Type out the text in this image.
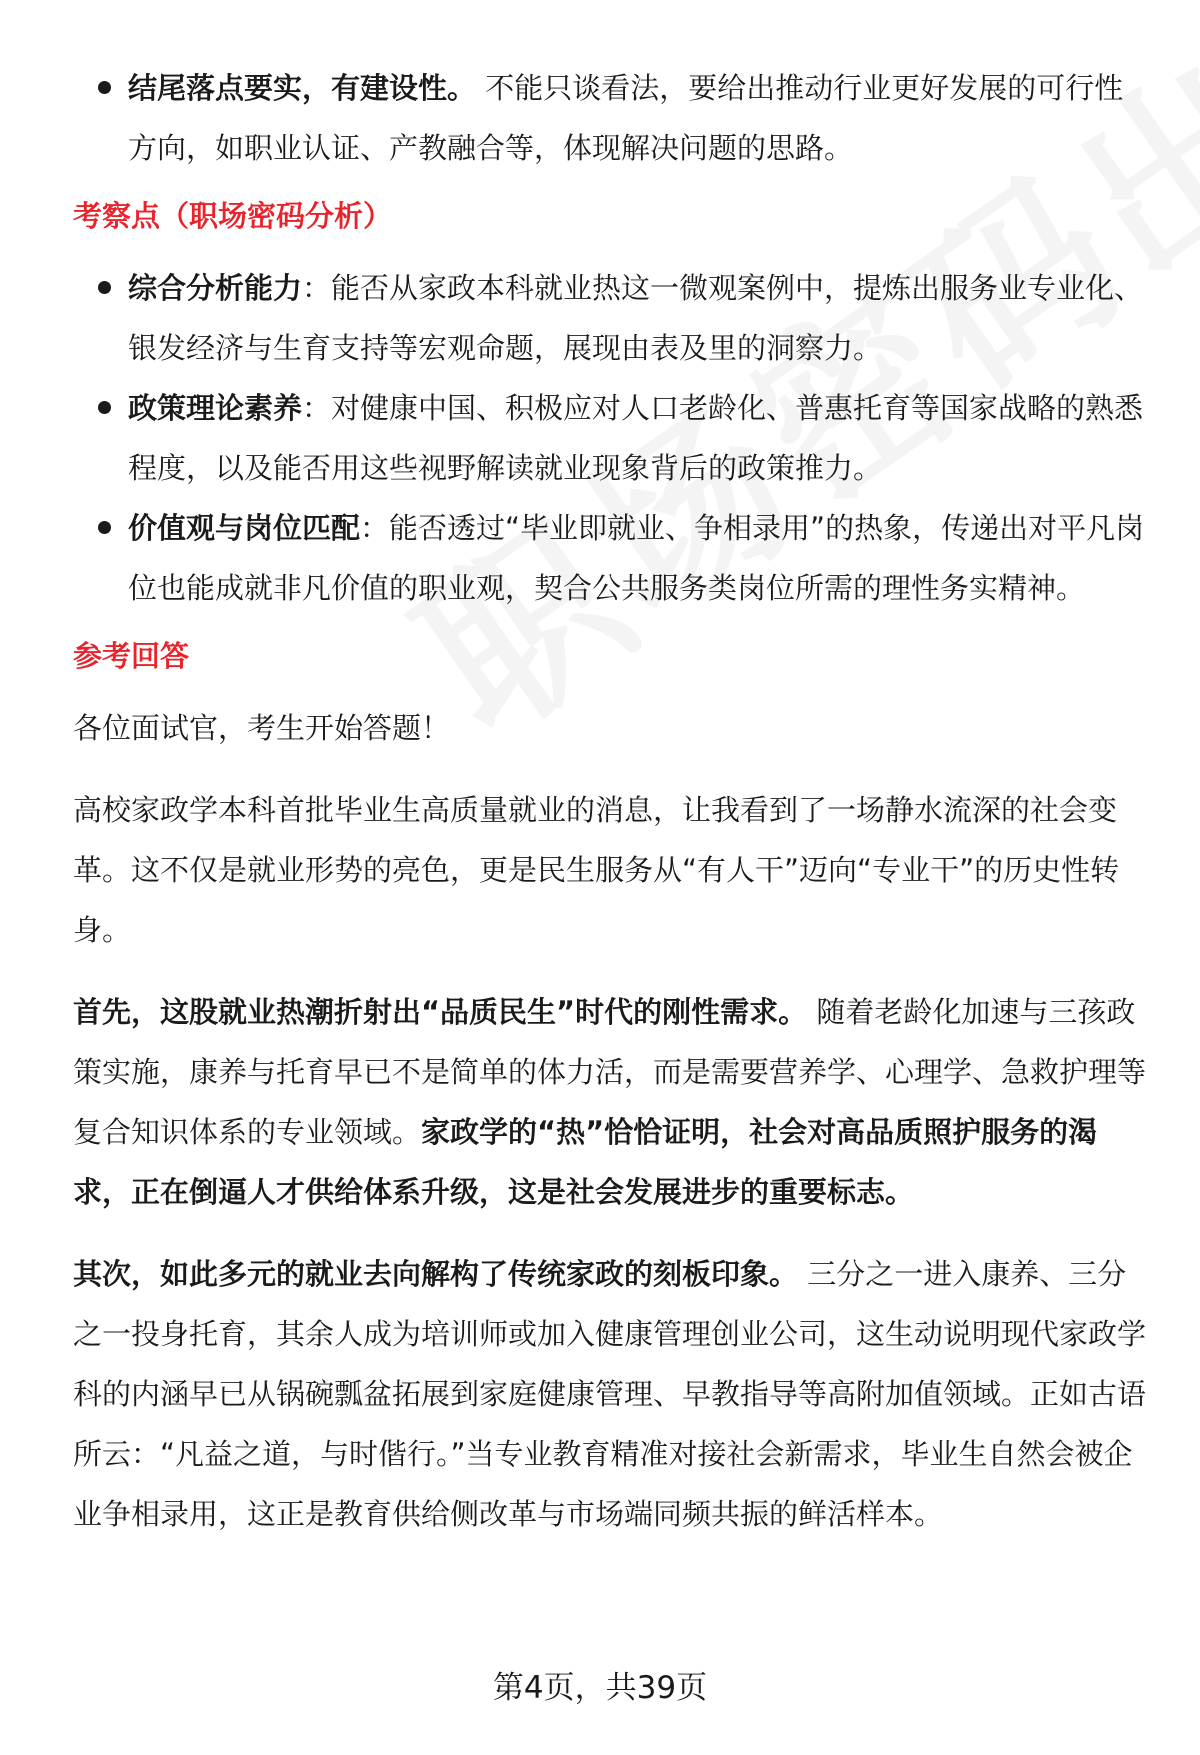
结尾落点要实，有建设性。 不能只谈看法，要给出推动行业更好发展的可行性方向，如职业认证、产教融合等，体现解决问题的思路。
考察点（职场密码分析）
综合分析能力：能否从家政本科就业热这一微观案例中，提炼出服务业专业化、银发经济与生育支持等宏观命题，展现由表及里的洞察力。
政策理论素养：对健康中国、积极应对人口老龄化、普惠托育等国家战略的熟悉程度，以及能否用这些视野解读就业现象背后的政策推力。
价值观与岗位匹配：能否透过“毕业即就业、争相录用”的热象，传递出对平凡岗位也能成就非凡价值的职业观，契合公共服务类岗位所需的理性务实精神。
参考回答

各位面试官，考生开始答题！

高校家政学本科首批毕业生高质量就业的消息，让我看到了一场静水流深的社会变革。这不仅是就业形势的亮色，更是民生服务从“有人干”迈向“专业干”的历史性转身。

首先，这股就业热潮折射出“品质民生”时代的刚性需求。 随着老龄化加速与三孩政策实施，康养与托育早已不是简单的体力活，而是需要营养学、心理学、急救护理等复合知识体系的专业领域。家政学的“热”恰恰证明，社会对高品质照护服务的渴求，正在倒逼人才供给体系升级，这是社会发展进步的重要标志。

其次，如此多元的就业去向解构了传统家政的刻板印象。 三分之一进入康养、三分之一投身托育，其余人成为培训师或加入健康管理创业公司，这生动说明现代家政学科的内涵早已从锅碗瓢盆拓展到家庭健康管理、早教指导等高附加值领域。正如古语所云：“凡益之道，与时偕行。”当专业教育精准对接社会新需求，毕业生自然会被企业争相录用，这正是教育供给侧改革与市场端同频共振的鲜活样本。

第4页，共39页
